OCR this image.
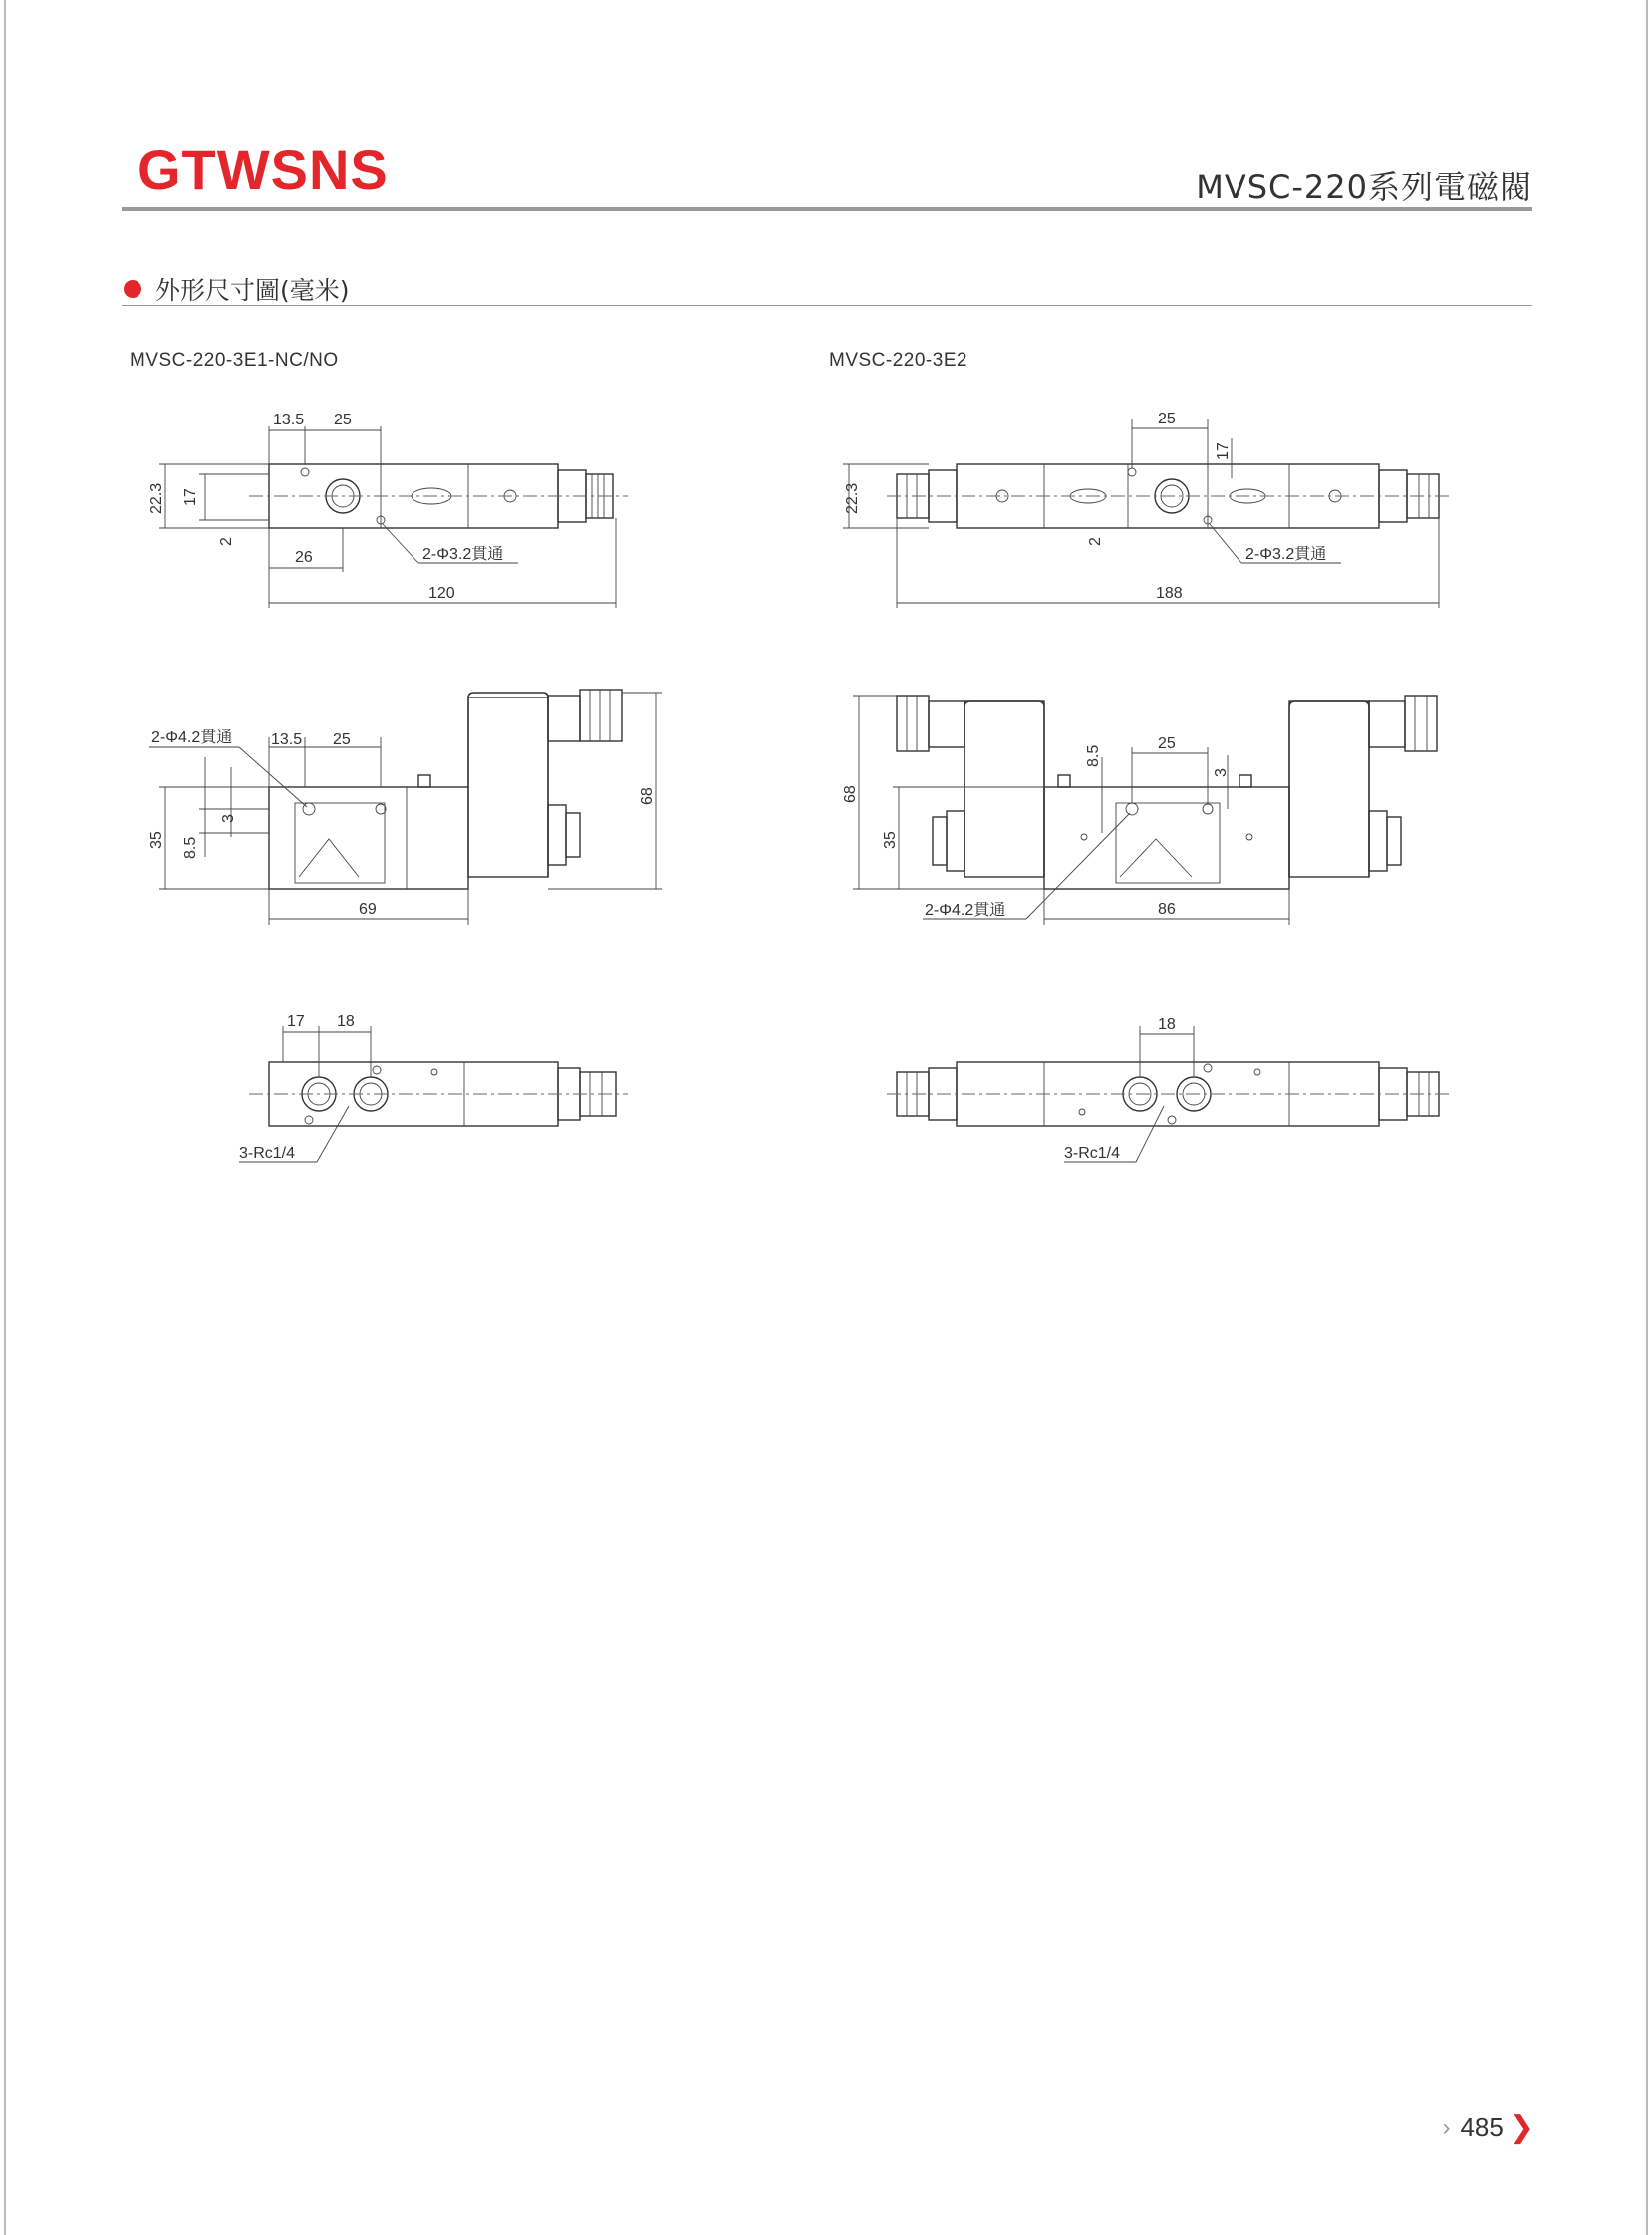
GTWSNS	MVSC-220系列電磁閥
外形尺寸圖(毫米)
MVSC-220-3E1-NC/NO	MVSC-220-3E2
13.5 25
22.3 17
2
26	2-Φ3.2貫通
120
13.5 25
2-Φ4.2貫通
35 8.5
3
68
69
17 18
3-Rc1/4
25
17
22.3
2
2-Φ3.2貫通
188
68
35
8.5
25
3
2-Φ4.2貫通	86
18
3-Rc1/4
› 485 ❯
